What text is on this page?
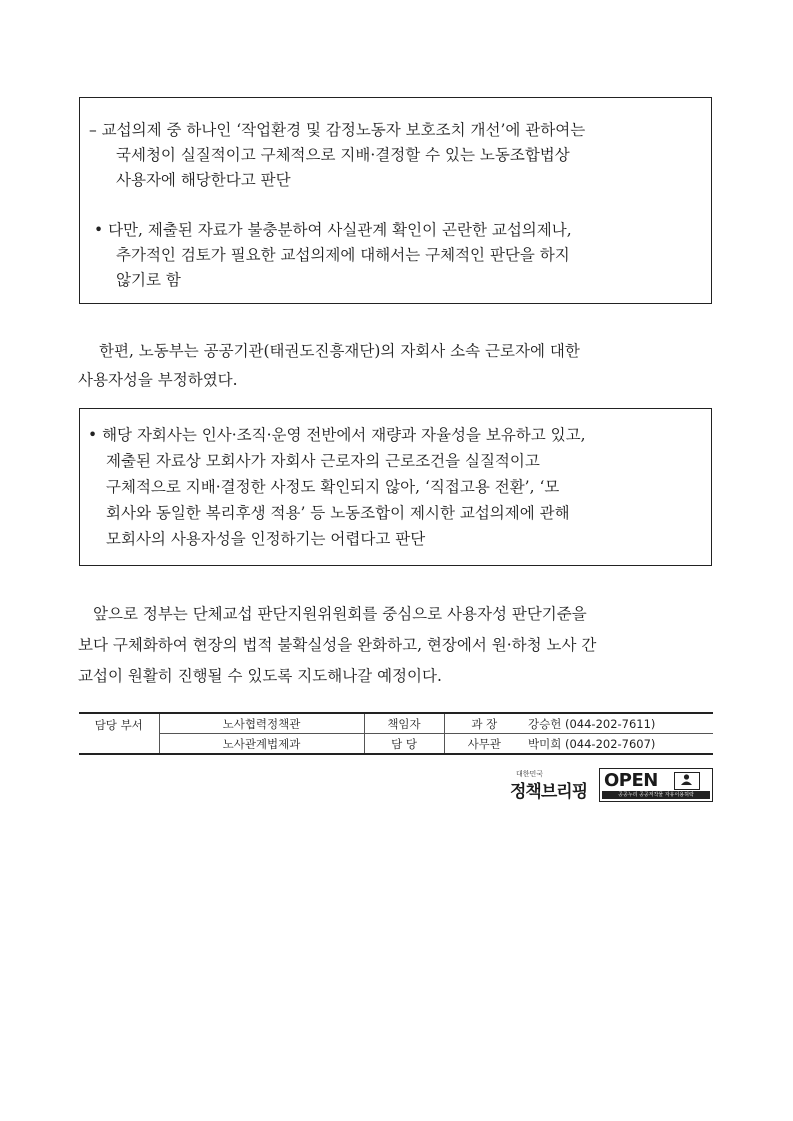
– 교섭의제 중 하나인 ‘작업환경 및 감정노동자 보호조치 개선’에 관하여는
국세청이 실질적이고 구체적으로 지배·결정할 수 있는 노동조합법상
사용자에 해당한다고 판단
• 다만, 제출된 자료가 불충분하여 사실관계 확인이 곤란한 교섭의제나,
추가적인 검토가 필요한 교섭의제에 대해서는 구체적인 판단을 하지
않기로 함
한편, 노동부는 공공기관(태권도진흥재단)의 자회사 소속 근로자에 대한
사용자성을 부정하였다.
• 해당 자회사는 인사·조직·운영 전반에서 재량과 자율성을 보유하고 있고,
제출된 자료상 모회사가 자회사 근로자의 근로조건을 실질적이고
구체적으로 지배·결정한 사정도 확인되지 않아, ‘직접고용 전환’, ‘모
회사와 동일한 복리후생 적용’ 등 노동조합이 제시한 교섭의제에 관해
모회사의 사용자성을 인정하기는 어렵다고 판단
앞으로 정부는 단체교섭 판단지원위원회를 중심으로 사용자성 판단기준을
보다 구체화하여 현장의 법적 불확실성을 완화하고, 현장에서 원·하청 노사 간
교섭이 원활히 진행될 수 있도록 지도해나갈 예정이다.
담당 부서	노사협력정책관	책임자	과 장	강승헌 (044-202-7611)
	노사관계법제과	담 당	사무관	박미희 (044-202-7607)
대한민국
정책브리핑
OPEN
공공누리 공공저작물 자유이용허락
